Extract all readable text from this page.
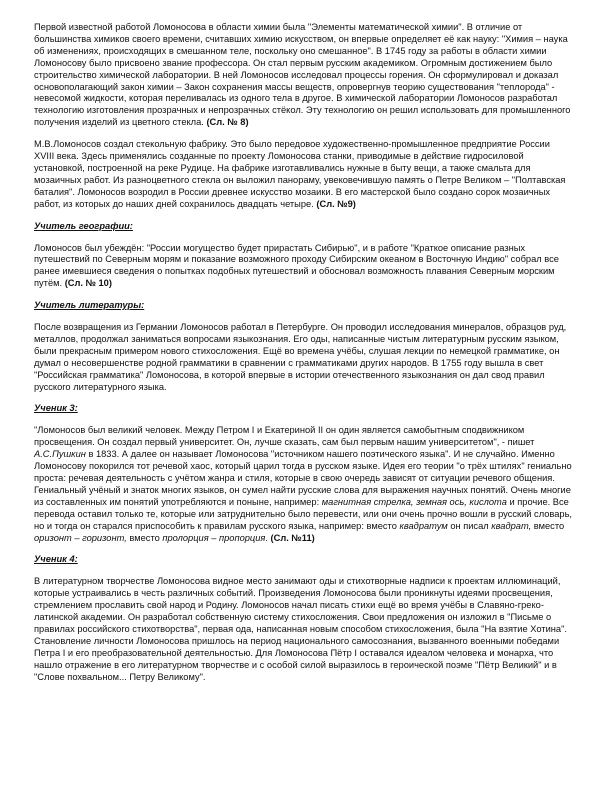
Первой известной работой Ломоносова в области химии была "Элементы математической химии". В отличие от большинства химиков своего времени, считавших химию искусством, он впервые определяет её как науку: "Химия – наука об изменениях, происходящих в смешанном теле, поскольку оно смешанное". В 1745 году за работы в области химии Ломоносову было присвоено звание профессора. Он стал первым русским академиком. Огромным достижением было строительство химической лаборатории. В ней Ломоносов исследовал процессы горения. Он сформулировал и доказал основополагающий закон химии – Закон сохранения массы веществ, опровергнув теорию существования "теплорода" - невесомой жидкости, которая переливалась из одного тела в другое. В химической лаборатории Ломоносов разработал технологию изготовления прозрачных и непрозрачных стёкол. Эту технологию он решил использовать для промышленного получения изделий из цветного стекла. (Сл. № 8)

М.В.Ломоносов создал стекольную фабрику. Это было передовое художественно-промышленное предприятие России XVIII века. Здесь применялись созданные по проекту Ломоносова станки, приводимые в действие гидросиловой установкой, построенной на реке Рудице. На фабрике изготавливались нужные в быту вещи, а также смальта для мозаичных работ. Из разноцветного стекла он выложил панораму, увековечившую память о Петре Великом – "Полтавская баталия". Ломоносов возродил в России древнее искусство мозаики. В его мастерской было создано сорок мозаичных работ, из которых до наших дней сохранилось двадцать четыре. (Сл. №9)

Учитель географии:

Ломоносов был убеждён: "России могущество будет прирастать Сибирью", и в работе "Краткое описание разных путешествий по Северным морям и показание возможного проходу Сибирским океаном в Восточную Индию" собрал все ранее имевшиеся сведения о попытках подобных путешествий и обосновал возможность плавания Северным морским путём. (Сл. № 10)

Учитель литературы:

После возвращения из Германии Ломоносов работал в Петербурге. Он проводил исследования минералов, образцов руд, металлов, продолжал заниматься вопросами языкознания. Его оды, написанные чистым литературным русским языком, были прекрасным примером нового стихосложения. Ещё во времена учёбы, слушая лекции по немецкой грамматике, он думал о несовершенстве родной грамматики в сравнении с грамматиками других народов. В 1755 году вышла в свет "Российская грамматика" Ломоносова, в которой впервые в истории отечественного языкознания он дал свод правил русского литературного языка.

Ученик 3:

"Ломоносов был великий человек. Между Петром I и Екатериной II он один является самобытным сподвижником просвещения. Он создал первый университет. Он, лучше сказать, сам был первым нашим университетом", - пишет А.С.Пушкин в 1833. А далее он называет Ломоносова "источником нашего поэтического языка". И не случайно. Именно Ломоносову покорился тот речевой хаос, который царил тогда в русском языке. Идея его теории "о трёх штилях" гениально проста: речевая деятельность с учётом жанра и стиля, которые в свою очередь зависят от ситуации речевого общения. Гениальный учёный и знаток многих языков, он сумел найти русские слова для выражения научных понятий. Очень многие из составленных им понятий употребляются и поныне, например: магнитная стрелка, земная ось, кислота и прочие. Все перевода оставил только те, которые или затруднительно было перевести, или они очень прочно вошли в русский словарь, но и тогда он старался приспособить к правилам русского языка, например: вместо квадратум он писал квадрат, вместо оризонт – горизонт, вместо пролорция – пропорция. (Сл. №11)

Ученик 4:

В литературном творчестве Ломоносова видное место занимают оды и стихотворные надписи к проектам иллюминаций, которые устраивались в честь различных событий. Произведения Ломоносова были проникнуты идеями просвещения, стремлением прославить свой народ и Родину. Ломоносов начал писать стихи ещё во время учёбы в Славяно-греко-латинской академии. Он разработал собственную систему стихосложения. Свои предложения он изложил в "Письме о правилах российского стихотворства", первая ода, написанная новым способом стихосложения, была "На взятие Хотина". Становление личности Ломоносова пришлось на период национального самосознания, вызванного военными победами Петра I и его преобразовательной деятельностью. Для Ломоносова Пётр I оставался идеалом человека и монарха, что нашло отражение в его литературном творчестве и с особой силой выразилось в героической поэме "Пётр Великий" и в "Слове похвальном... Петру Великому".
